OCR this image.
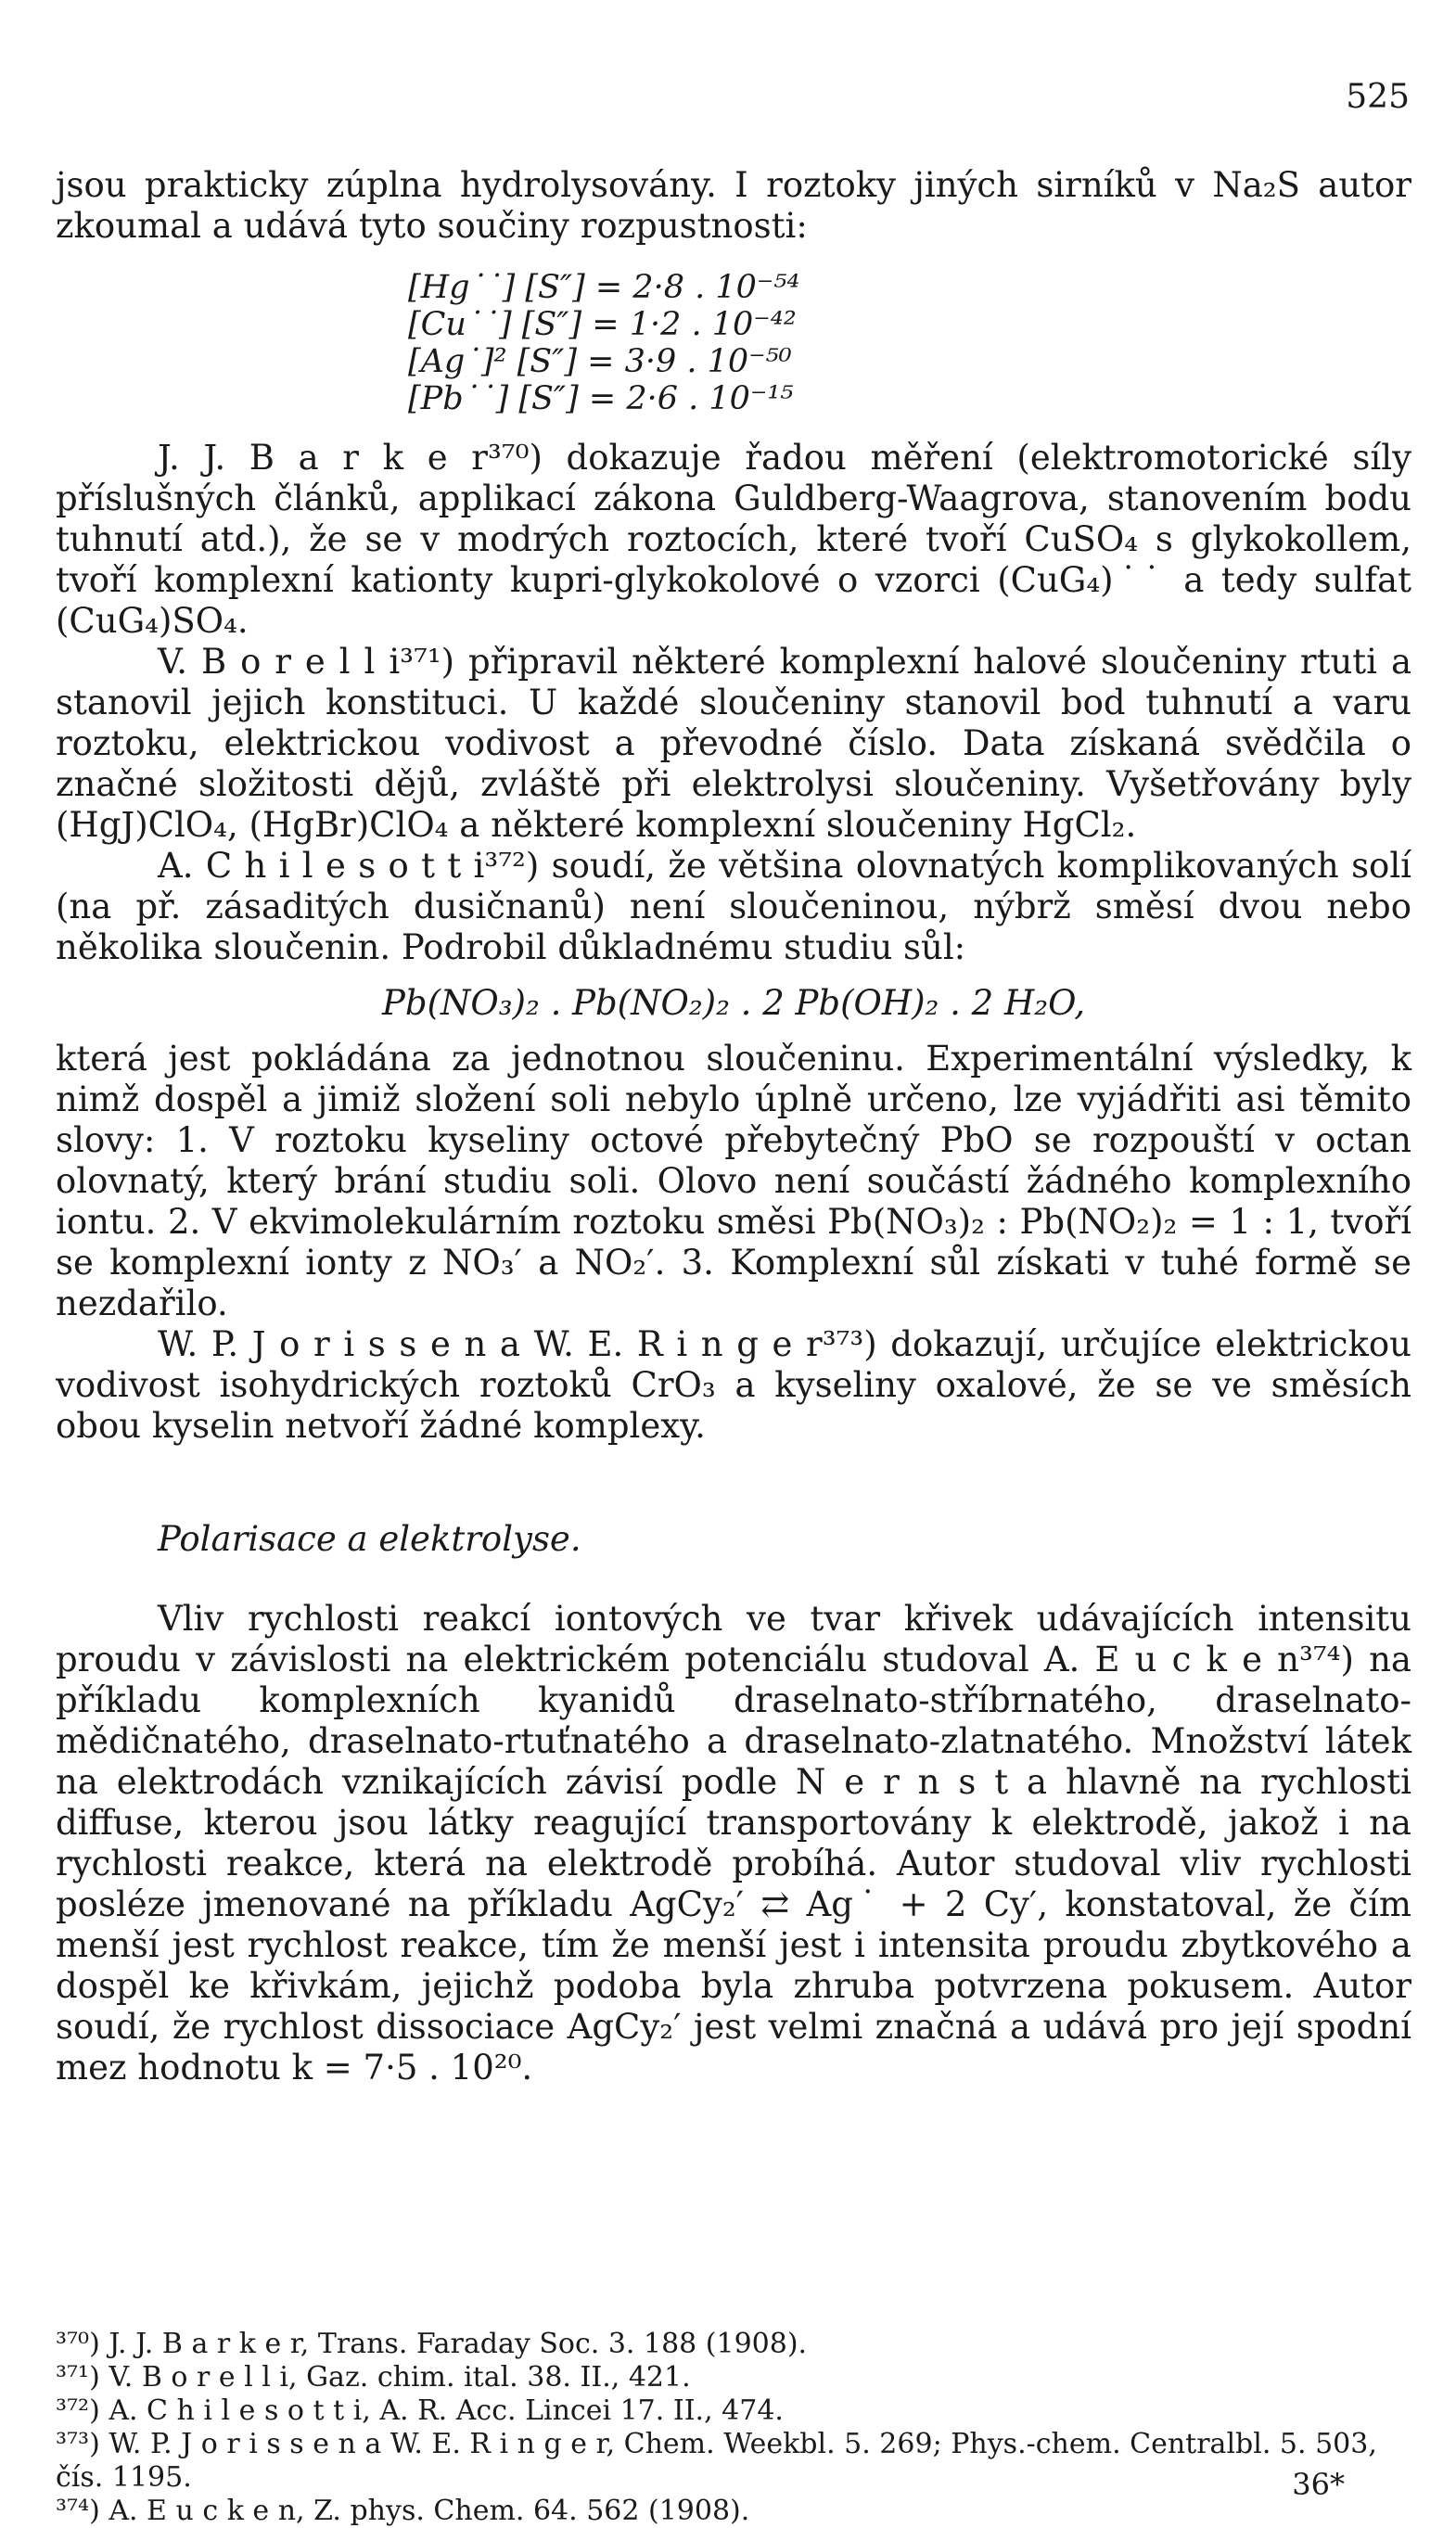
525

jsou prakticky zúplna hydrolysovány. I roztoky jiných sirníků v Na₂S autor zkoumal a udává tyto součiny rozpustnosti:

[Hg˙˙] [S″] = 2·8 . 10⁻⁵⁴
[Cu˙˙] [S″] = 1·2 . 10⁻⁴²
[Ag˙]² [S″] = 3·9 . 10⁻⁵⁰
[Pb˙˙] [S″] = 2·6 . 10⁻¹⁵

J. J. B a r k e r³⁷⁰) dokazuje řadou měření (elektromotorické síly příslušných článků, applikací zákona Guldberg-Waagrova, stanovením bodu tuhnutí atd.), že se v modrých roztocích, které tvoří CuSO₄ s glykokollem, tvoří komplexní kationty kupri-glykokolové o vzorci (CuG₄)˙˙ a tedy sulfat (CuG₄)SO₄.

V. B o r e l l i³⁷¹) připravil některé komplexní halové sloučeniny rtuti a stanovil jejich konstituci. U každé sloučeniny stanovil bod tuhnutí a varu roztoku, elektrickou vodivost a převodné číslo. Data získaná svědčila o značné složitosti dějů, zvláště při elektrolysi sloučeniny. Vyšetřovány byly (HgJ)ClO₄, (HgBr)ClO₄ a některé komplexní sloučeniny HgCl₂.

A. C h i l e s o t t i³⁷²) soudí, že většina olovnatých komplikovaných solí (na př. zásaditých dusičnanů) není sloučeninou, nýbrž směsí dvou nebo několika sloučenin. Podrobil důkladnému studiu sůl:

Pb(NO₃)₂ . Pb(NO₂)₂ . 2 Pb(OH)₂ . 2 H₂O,

která jest pokládána za jednotnou sloučeninu. Experimentální výsledky, k nimž dospěl a jimiž složení soli nebylo úplně určeno, lze vyjádřiti asi těmito slovy: 1. V roztoku kyseliny octové přebytečný PbO se rozpouští v octan olovnatý, který brání studiu soli. Olovo není součástí žádného komplexního iontu. 2. V ekvimolekulárním roztoku směsi Pb(NO₃)₂ : Pb(NO₂)₂ = 1 : 1, tvoří se komplexní ionty z NO₃′ a NO₂′. 3. Komplexní sůl získati v tuhé formě se nezdařilo.

W. P. J o r i s s e n a W. E. R i n g e r³⁷³) dokazují, určujíce elektrickou vodivost isohydrických roztoků CrO₃ a kyseliny oxalové, že se ve směsích obou kyselin netvoří žádné komplexy.

Polarisace a elektrolyse.

Vliv rychlosti reakcí iontových ve tvar křivek udávajících intensitu proudu v závislosti na elektrickém potenciálu studoval A. E u c k e n³⁷⁴) na příkladu komplexních kyanidů draselnato-stříbrnatého, draselnato-mědičnatého, draselnato-rtuťnatého a draselnato-zlatnatého. Množství látek na elektrodách vznikajících závisí podle N e r n s t a hlavně na rychlosti diffuse, kterou jsou látky reagující transportovány k elektrodě, jakož i na rychlosti reakce, která na elektrodě probíhá. Autor studoval vliv rychlosti posléze jmenované na příkladu AgCy₂′ ⇄ Ag˙ + 2 Cy′, konstatoval, že čím menší jest rychlost reakce, tím že menší jest i intensita proudu zbytkového a dospěl ke křivkám, jejichž podoba byla zhruba potvrzena pokusem. Autor soudí, že rychlost dissociace AgCy₂′ jest velmi značná a udává pro její spodní mez hodnotu k = 7·5 . 10²⁰.

³⁷⁰) J. J. B a r k e r, Trans. Faraday Soc. 3. 188 (1908).
³⁷¹) V. B o r e l l i, Gaz. chim. ital. 38. II., 421.
³⁷²) A. C h i l e s o t t i, A. R. Acc. Lincei 17. II., 474.
³⁷³) W. P. J o r i s s e n a W. E. R i n g e r, Chem. Weekbl. 5. 269; Phys.-chem. Centralbl. 5. 503, čís. 1195.
³⁷⁴) A. E u c k e n, Z. phys. Chem. 64. 562 (1908).
36*
